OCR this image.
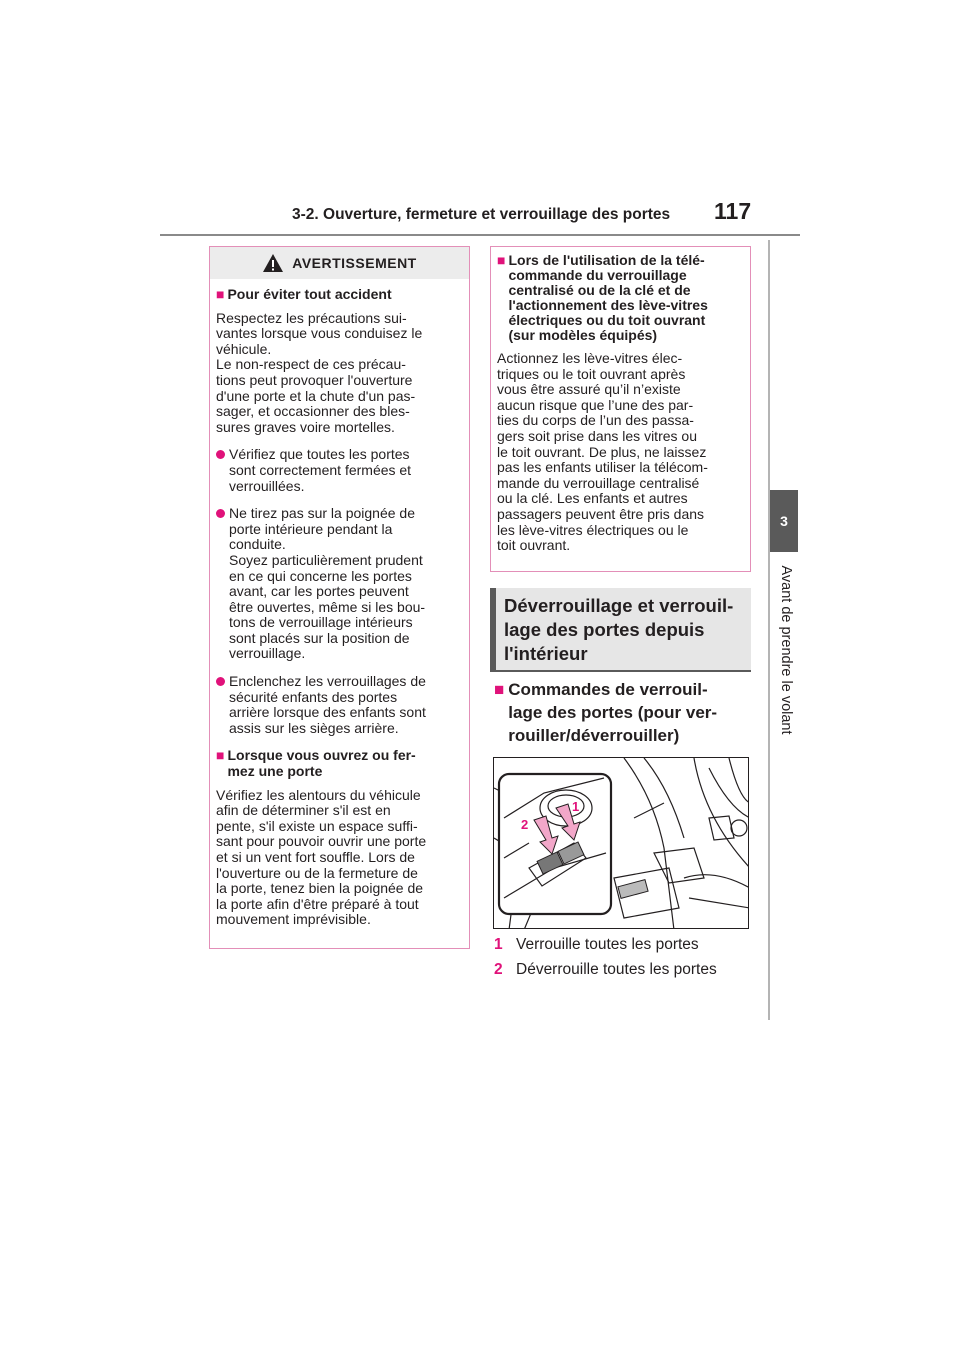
3-2. Ouverture, fermeture et verrouillage des portes 117
3
Avant de prendre le volant
AVERTISSEMENT
■ Pour éviter tout accident
Respectez les précautions sui-
vantes lorsque vous conduisez le
véhicule.
Le non-respect de ces précau-
tions peut provoquer l'ouverture
d'une porte et la chute d'un pas-
sager, et occasionner des bles-
sures graves voire mortelles.
Vérifiez que toutes les portes
sont correctement fermées et
verrouillées.
Ne tirez pas sur la poignée de
porte intérieure pendant la
conduite.
Soyez particulièrement prudent
en ce qui concerne les portes
avant, car les portes peuvent
être ouvertes, même si les bou-
tons de verrouillage intérieurs
sont placés sur la position de
verrouillage.
Enclenchez les verrouillages de
sécurité enfants des portes
arrière lorsque des enfants sont
assis sur les sièges arrière.
■ Lorsque vous ouvrez ou fer-
mez une porte
Vérifiez les alentours du véhicule
afin de déterminer s'il est en
pente, s'il existe un espace suffi-
sant pour pouvoir ouvrir une porte
et si un vent fort souffle. Lors de
l'ouverture ou de la fermeture de
la porte, tenez bien la poignée de
la porte afin d'être préparé à tout
mouvement imprévisible.
■ Lors de l'utilisation de la télé-
commande du verrouillage
centralisé ou de la clé et de
l'actionnement des lève-vitres
électriques ou du toit ouvrant
(sur modèles équipés)
Actionnez les lève-vitres élec-
triques ou le toit ouvrant après
vous être assuré qu’il n’existe
aucun risque que l’une des par-
ties du corps de l’un des passa-
gers soit prise dans les vitres ou
le toit ouvrant. De plus, ne laissez
pas les enfants utiliser la télécom-
mande du verrouillage centralisé
ou la clé. Les enfants et autres
passagers peuvent être pris dans
les lève-vitres électriques ou le
toit ouvrant.
Déverrouillage et verrouil-
lage des portes depuis
l'intérieur
■ Commandes de verrouil-
lage des portes (pour ver-
rouiller/déverrouiller)
1
2
1 Verrouille toutes les portes
2 Déverrouille toutes les portes
